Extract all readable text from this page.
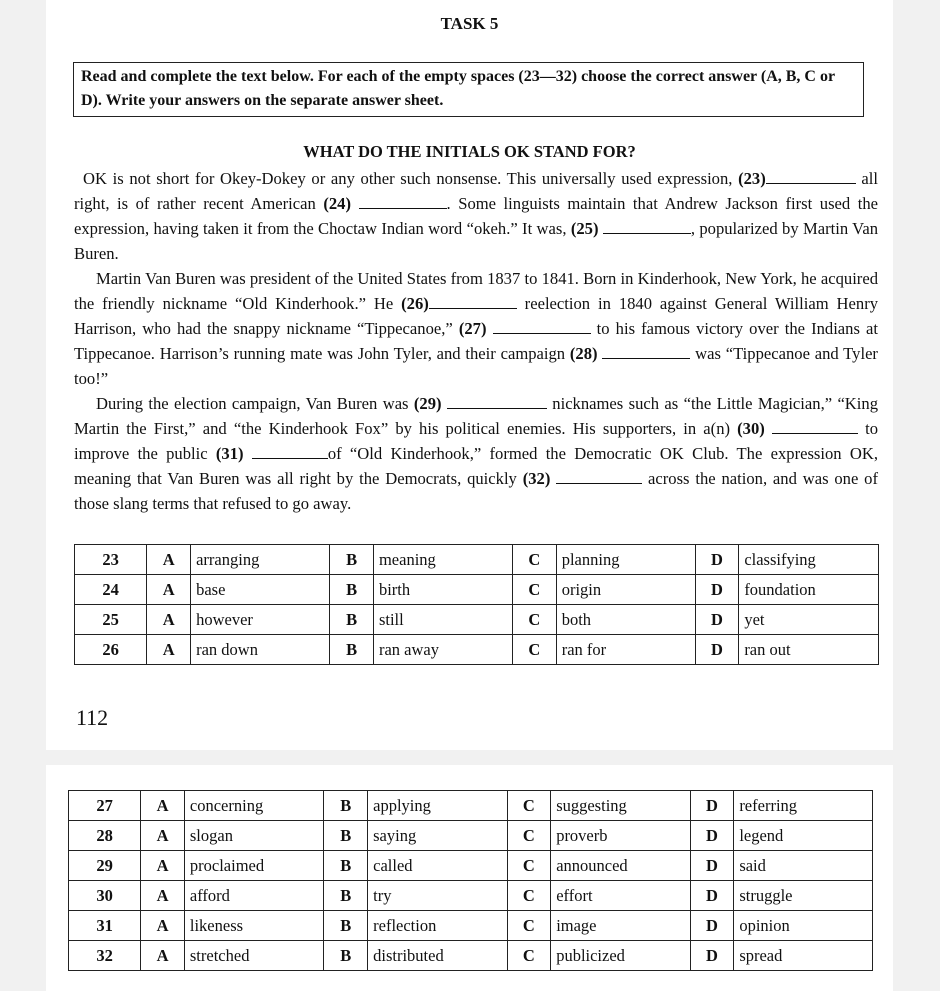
TASK 5
Read and complete the text below. For each of the empty spaces (23—32) choose the correct answer (A, B, C or D). Write your answers on the separate answer sheet.
WHAT DO THE INITIALS OK STAND FOR?

OK is not short for Okey-Dokey or any other such nonsense. This universally used expression, (23)	all right, is of rather recent American (24)	. Some linguists maintain that Andrew Jackson first used the expression, having taken it from the Choctaw Indian word “okeh.” It was, (25)	, popularized by Martin Van Buren.

Martin Van Buren was president of the United States from 1837 to 1841. Born in Kinderhook, New York, he acquired the friendly nickname “Old Kinderhook.” He (26)	reelection in 1840 against General William Henry Harrison, who had the snappy nickname “Tippecanoe,” (27)	to his famous victory over the Indians at Tippecanoe. Harrison’s running mate was John Tyler, and their campaign (28)	was “Tippecanoe and Tyler too!”

During the election campaign, Van Buren was (29)	nicknames such as “the Little Magician,” “King Martin the First,” and “the Kinderhook Fox” by his political enemies. His supporters, in a(n) (30)	to improve the public (31)	of “Old Kinderhook,” formed the Democratic OK Club. The expression OK, meaning that Van Buren was all right by the Democrats, quickly (32)	across the nation, and was one of those slang terms that refused to go away.

23	A	arranging	B	meaning	C	planning	D	classifying
24	A	base	B	birth	C	origin	D	foundation
25	A	however	B	still	C	both	D	yet
26	A	ran down	B	ran away	C	ran for	D	ran out
112
27	A	concerning	B	applying	C	suggesting	D	referring
28	A	slogan	B	saying	C	proverb	D	legend
29	A	proclaimed	B	called	C	announced	D	said
30	A	afford	B	try	C	effort	D	struggle
31	A	likeness	B	reflection	C	image	D	opinion
32	A	stretched	B	distributed	C	publicized	D	spread
